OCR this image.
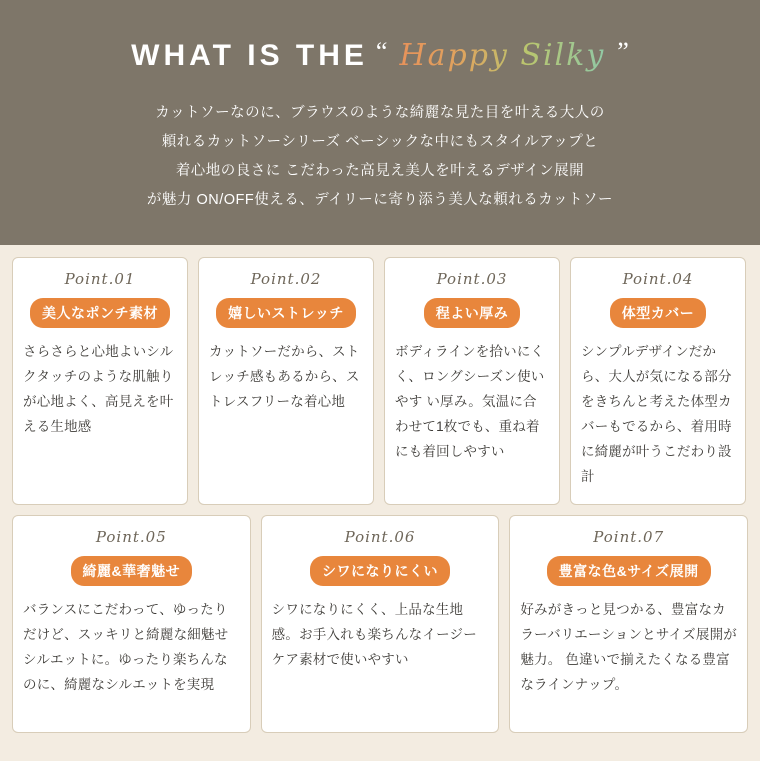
WHAT IS THE “ Happy Silky ”
カットソーなのに、ブラウスのような綺麗な見た目を叶える大人の
頼れるカットソーシリーズ ベーシックな中にもスタイルアップと
着心地の良さに こだわった高見え美人を叶えるデザイン展開
が魅力 ON/OFF使える、デイリーに寄り添う美人な頼れるカットソー
Point.01
美人なポンチ素材
さらさらと心地よいシルクタッチのような肌触りが心地よく、高見えを叶える生地感
Point.02
嬉しいストレッチ
カットソーだから、ストレッチ感もあるから、ストレスフリーな着心地
Point.03
程よい厚み
ボディラインを拾いにくく、ロングシーズン使いやす い厚み。気温に合わせて1枚でも、重ね着にも着回しやすい
Point.04
体型カバー
シンプルデザインだから、大人が気になる部分をきちんと考えた体型カバーもでるから、着用時に綺麗が叶うこだわり設計
Point.05
綺麗&華奢魅せ
バランスにこだわって、ゆったりだけど、スッキリと綺麗な細魅せシルエットに。ゆったり楽ちんなのに、綺麗なシルエットを実現
Point.06
シワになりにくい
シワになりにくく、上品な生地感。お手入れも楽ちんなイージーケア素材で使いやすい
Point.07
豊富な色&サイズ展開
好みがきっと見つかる、豊富なカラーバリエーションとサイズ展開が魅力。 色違いで揃えたくなる豊富なラインナップ。
